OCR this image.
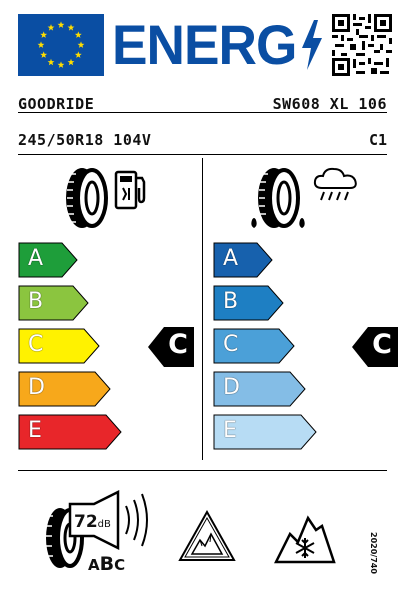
ENERG
GOODRIDE	SW608 XL 106
245/50R18 104V	C1
A
B
C
D
E
C
A
B
C
D
E
C
72dB
ABC	2020/740
